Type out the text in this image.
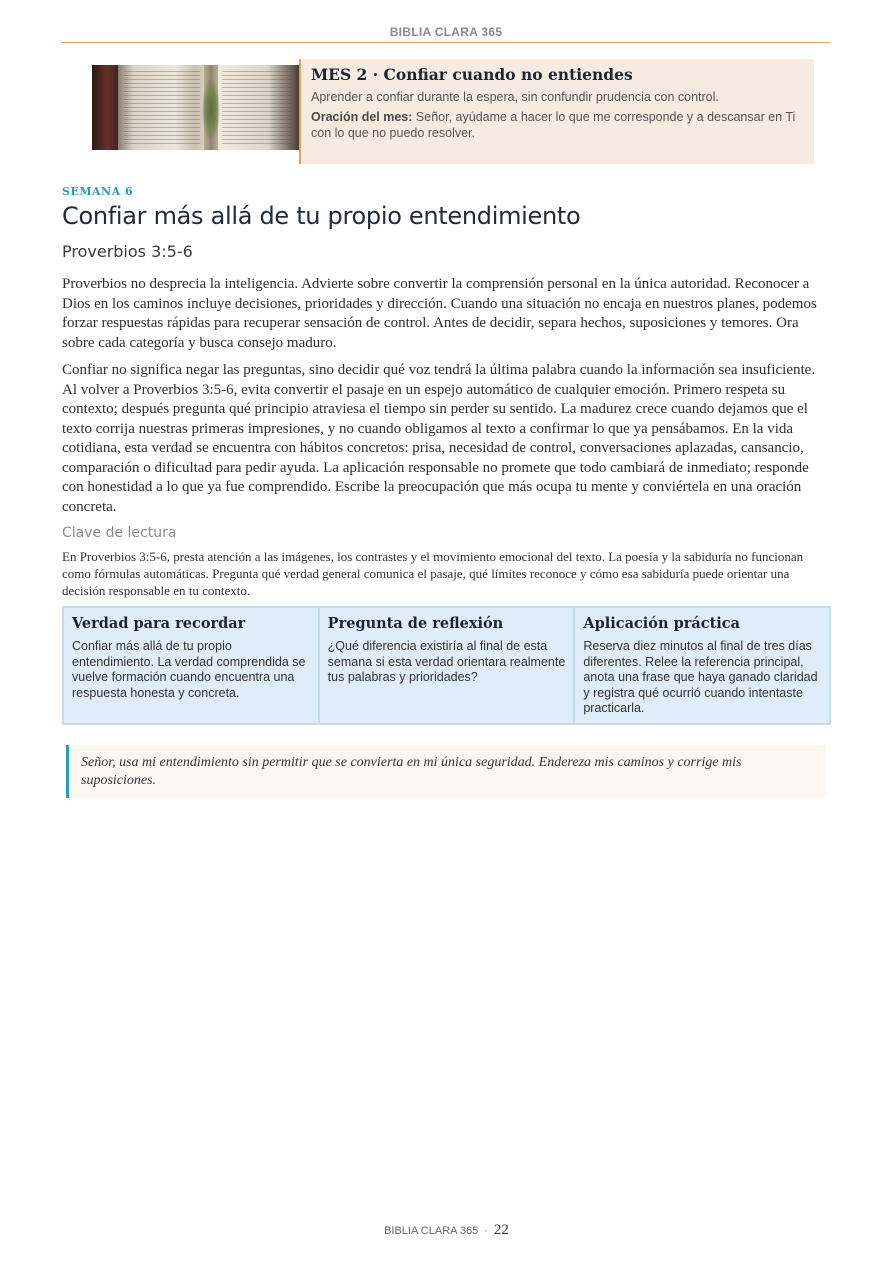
BIBLIA CLARA 365
MES 2 · Confiar cuando no entiendes
Aprender a confiar durante la espera, sin confundir prudencia con control.

Oración del mes: Señor, ayúdame a hacer lo que me corresponde y a descansar en Ti con lo que no puedo resolver.

SEMANA 6
Confiar más allá de tu propio entendimiento
Proverbios 3:5-6

Proverbios no desprecia la inteligencia. Advierte sobre convertir la comprensión personal en la única autoridad. Reconocer a Dios en los caminos incluye decisiones, prioridades y dirección. Cuando una situación no encaja en nuestros planes, podemos forzar respuestas rápidas para recuperar sensación de control. Antes de decidir, separa hechos, suposiciones y temores. Ora sobre cada categoría y busca consejo maduro.

Confiar no significa negar las preguntas, sino decidir qué voz tendrá la última palabra cuando la información sea insuficiente. Al volver a Proverbios 3:5-6, evita convertir el pasaje en un espejo automático de cualquier emoción. Primero respeta su contexto; después pregunta qué principio atraviesa el tiempo sin perder su sentido. La madurez crece cuando dejamos que el texto corrija nuestras primeras impresiones, y no cuando obligamos al texto a confirmar lo que ya pensábamos. En la vida cotidiana, esta verdad se encuentra con hábitos concretos: prisa, necesidad de control, conversaciones aplazadas, cansancio, comparación o dificultad para pedir ayuda. La aplicación responsable no promete que todo cambiará de inmediato; responde con honestidad a lo que ya fue comprendido. Escribe la preocupación que más ocupa tu mente y conviértela en una oración concreta.

Clave de lectura

En Proverbios 3:5-6, presta atención a las imágenes, los contrastes y el movimiento emocional del texto. La poesía y la sabiduría no funcionan como fórmulas automáticas. Pregunta qué verdad general comunica el pasaje, qué límites reconoce y cómo esa sabiduría puede orientar una decisión responsable en tu contexto.

Verdad para recordar

Confiar más allá de tu propio entendimiento. La verdad comprendida se vuelve formación cuando encuentra una respuesta honesta y concreta.

Pregunta de reflexión

¿Qué diferencia existiría al final de esta semana si esta verdad orientara realmente tus palabras y prioridades?

Aplicación práctica

Reserva diez minutos al final de tres días diferentes. Relee la referencia principal, anota una frase que haya ganado claridad y registra qué ocurrió cuando intentaste practicarla.

Señor, usa mi entendimiento sin permitir que se convierta en mi única seguridad. Endereza mis caminos y corrige mis suposiciones.

BIBLIA CLARA 365 · 22
